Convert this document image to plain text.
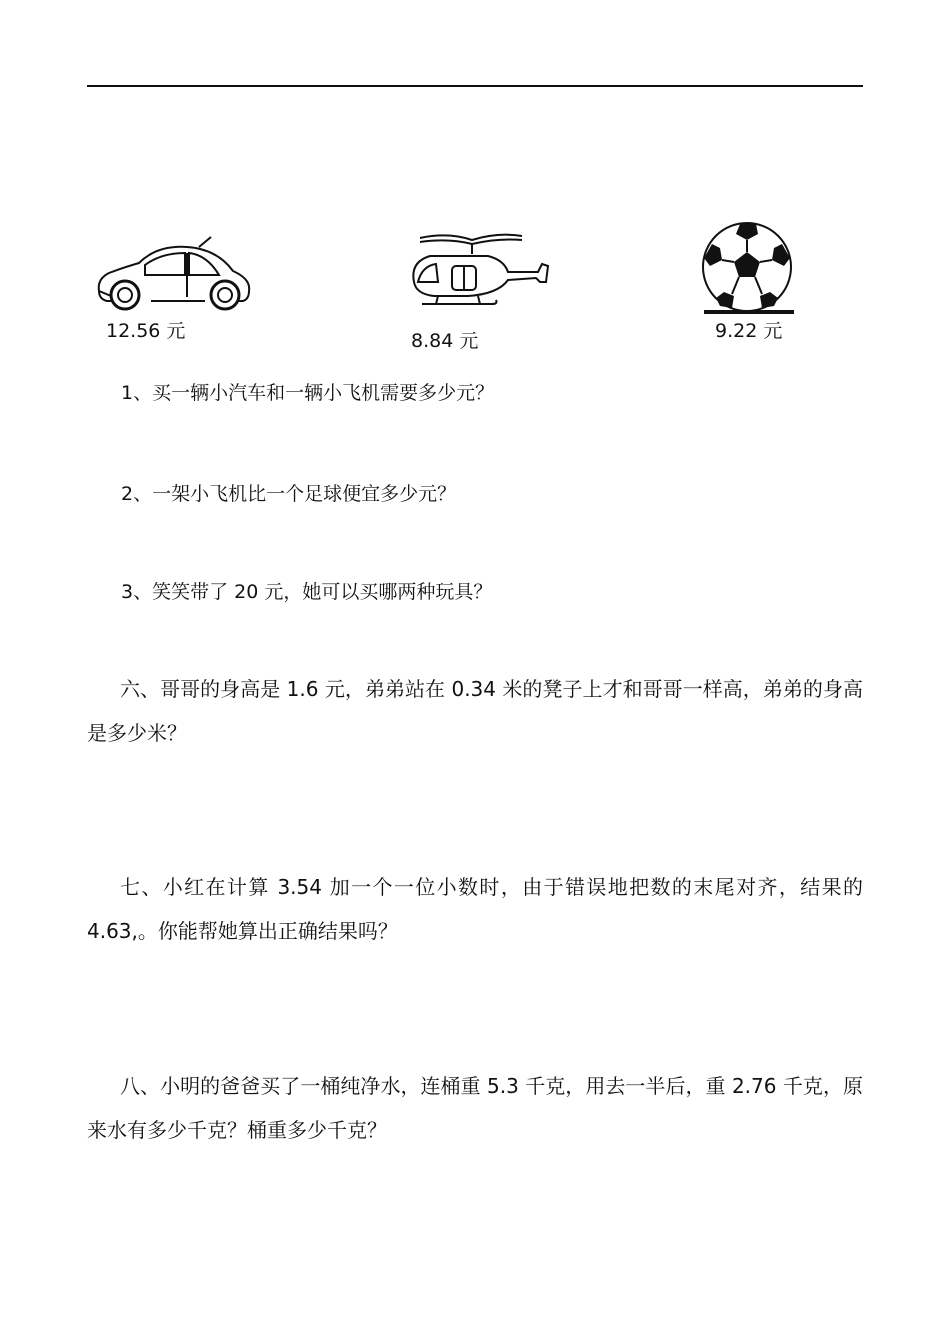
12.56 元	8.84 元	9.22 元
1、买一辆小汽车和一辆小飞机需要多少元？
2、一架小飞机比一个足球便宜多少元？
3、笑笑带了 20 元，她可以买哪两种玩具？
六、哥哥的身高是 1.6 元，弟弟站在 0.34 米的凳子上才和哥哥一样高，弟弟的身高是多少米？
七、小红在计算 3.54 加一个一位小数时，由于错误地把数的末尾对齐，结果的 4.63,。你能帮她算出正确结果吗？
八、小明的爸爸买了一桶纯净水，连桶重 5.3 千克，用去一半后，重 2.76 千克，原来水有多少千克？桶重多少千克？
